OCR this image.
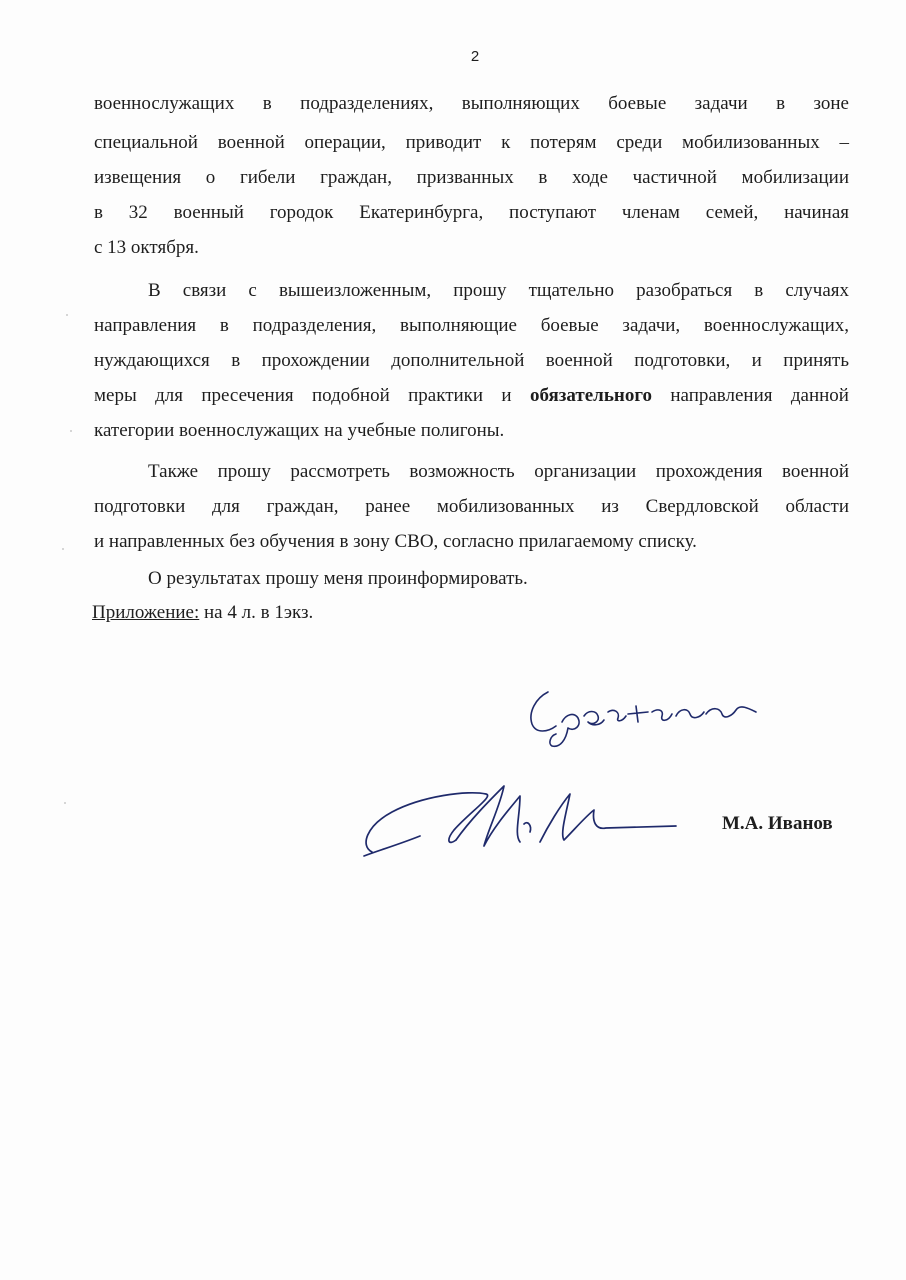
2
военнослужащих в подразделениях, выполняющих боевые задачи в зоне
специальной военной операции, приводит к потерям среди мобилизованных –
извещения о гибели граждан, призванных в ходе частичной мобилизации
в 32 военный городок Екатеринбурга, поступают членам семей, начиная
с 13 октября.
В связи с вышеизложенным, прошу тщательно разобраться в случаях
направления в подразделения, выполняющие боевые задачи, военнослужащих,
нуждающихся в прохождении дополнительной военной подготовки, и принять
меры для пресечения подобной практики и обязательного направления данной
категории военнослужащих на учебные полигоны.
Также прошу рассмотреть возможность организации прохождения военной
подготовки для граждан, ранее мобилизованных из Свердловской области
и направленных без обучения в зону СВО, согласно прилагаемому списку.
О результатах прошу меня проинформировать.
Приложение: на 4 л. в 1экз.
М.А. Иванов
